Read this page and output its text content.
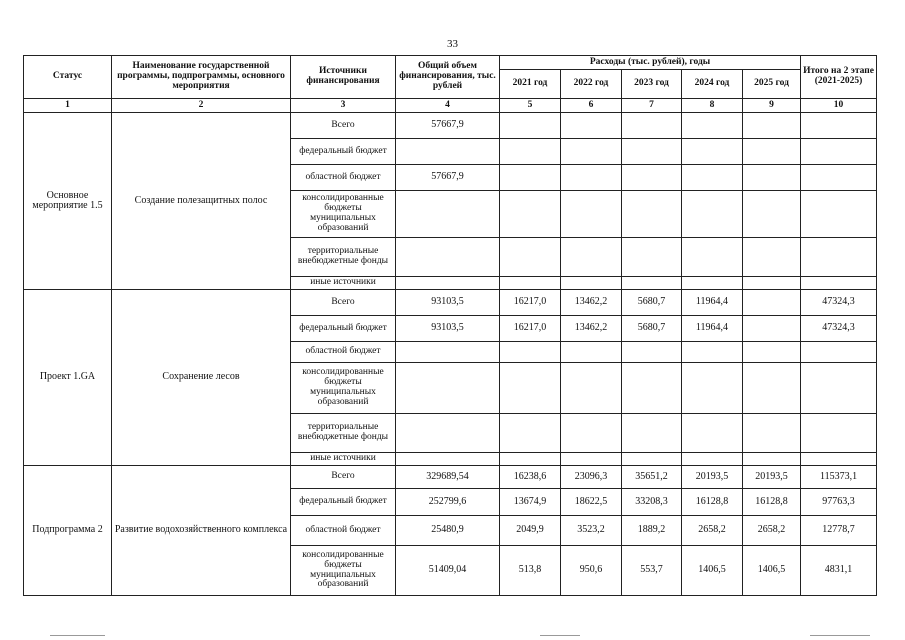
33
Статус	Наименование государственной программы, подпрограммы, основного мероприятия	Источники финансирования	Общий объем финансирования, тыс. рублей	Расходы (тыс. рублей), годы					Итого на 2 этапе (2021-2025)
				2021 год	2022 год	2023 год	2024 год	2025 год	
1	2	3	4	5	6	7	8	9	10
Основное мероприятие 1.5	Создание полезащитных полос	Всего	57667,9						
		федеральный бюджет							
		областной бюджет	57667,9						
		консолидированные бюджеты муниципальных образований							
		территориальные внебюджетные фонды							
		иные источники							
Проект 1.GA	Сохранение лесов	Всего	93103,5	16217,0	13462,2	5680,7	11964,4		47324,3
		федеральный бюджет	93103,5	16217,0	13462,2	5680,7	11964,4		47324,3
		областной бюджет							
		консолидированные бюджеты муниципальных образований							
		территориальные внебюджетные фонды							
		иные источники							
Подпрограмма 2	Развитие водохозяйственного комплекса	Всего	329689,54	16238,6	23096,3	35651,2	20193,5	20193,5	115373,1
		федеральный бюджет	252799,6	13674,9	18622,5	33208,3	16128,8	16128,8	97763,3
		областной бюджет	25480,9	2049,9	3523,2	1889,2	2658,2	2658,2	12778,7
		консолидированные бюджеты муниципальных образований	51409,04	513,8	950,6	553,7	1406,5	1406,5	4831,1
